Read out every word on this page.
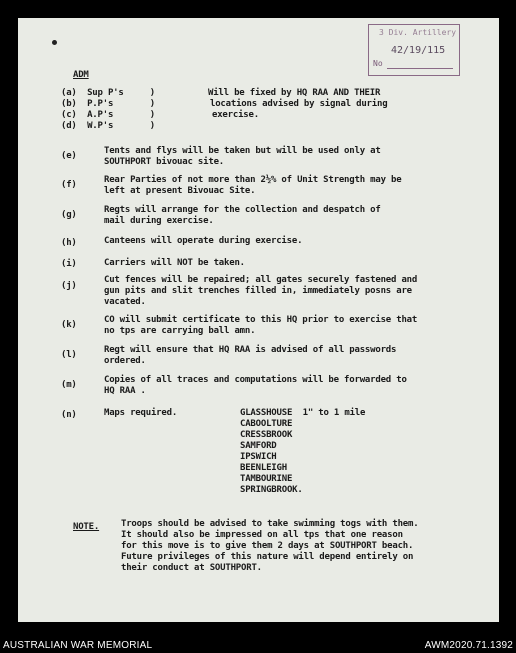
3 Div. Artillery
42/19/115
No
ADM
(a) Sup P's	)
(b) P.P's	)
(c) A.P's	)
(d) W.P's	)
Will be fixed by HQ RAA AND THEIR
locations advised by signal during
exercise.
(e)	Tents and flys will be taken but will be used only at
SOUTHPORT bivouac site.
(f)	Rear Parties of not more than 2½% of Unit Strength may be
left at present Bivouac Site.
(g)	Regts will arrange for the collection and despatch of
mail during exercise.
(h)	Canteens will operate during exercise.
(i)	Carriers will NOT be taken.
(j)
Cut fences will be repaired; all gates securely fastened and
gun pits and slit trenches filled in, immediately posns are
vacated.
(k)	CO will submit certificate to this HQ prior to exercise that
no tps are carrying ball amn.
(l)	Regt will ensure that HQ RAA is advised of all passwords
ordered.
(m)	Copies of all traces and computations will be forwarded to
HQ RAA .
(n)	Maps required.	GLASSHOUSE  1" to 1 mile
CABOOLTURE
CRESSBROOK
SAMFORD
IPSWICH
BEENLEIGH
TAMBOURINE
SPRINGBROOK.
NOTE. Troops should be advised to take swimming togs with them.
It should also be impressed on all tps that one reason
for this move is to give them 2 days at SOUTHPORT beach.
Future privileges of this nature will depend entirely on
their conduct at SOUTHPORT.
AUSTRALIAN WAR MEMORIAL	AWM2020.71.1392
